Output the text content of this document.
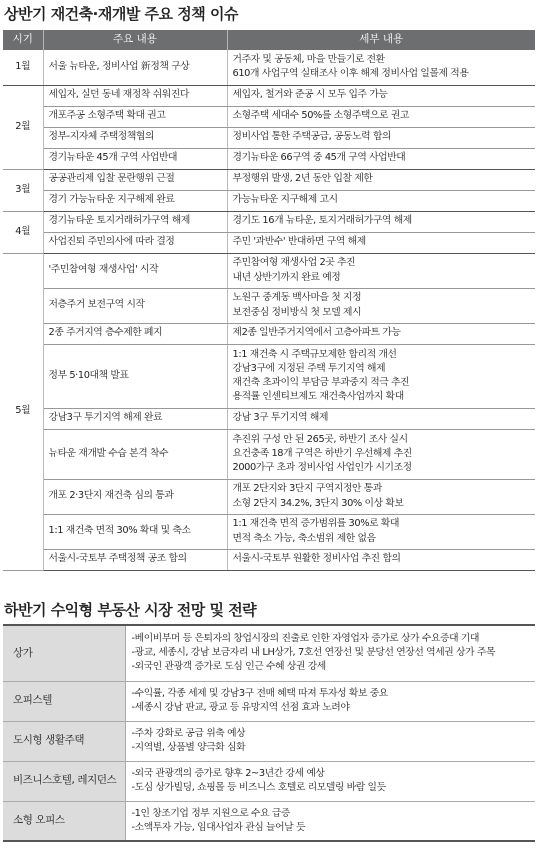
상반기 재건축·재개발 주요 정책 이슈
시기	주요 내용	세부 내용
1월	서울 뉴타운, 정비사업 新정책 구상	거주자 및 공동체, 마을 만들기로 전환
610개 사업구역 실태조사 이후 해제 정비사업 일몰제 적용

2월	세입자, 실던 동네 재정착 쉬워진다	세입자, 철거와 준공 시 모두 입주 가능

	개포주공 소형주택 확대 권고	소형주택 세대수 50%를 소형주택으로 권고

	정부-지자체 주택정책협의	정비사업 통한 주택공급, 공동노력 합의

	경기뉴타운 45개 구역 사업반대	경기뉴타운 66구역 중 45개 구역 사업반대

3월	공공관리제 입찰 문란행위 근절	부정행위 발생, 2년 동안 입찰 제한

	경기 가능뉴타운 지구해제 완료	가능뉴타운 지구해제 고시

4월	경기뉴타운 토지거래허가구역 해제	경기도 16개 뉴타운, 토지거래허가구역 해제

	사업진퇴 주민의사에 따라 결정	주민 '과반수' 반대하면 구역 해제

5월	'주민참여형 재생사업' 시작	주민참여형 재생사업 2곳 추진
내년 상반기까지 완료 예정

	저층주거 보전구역 시작	노원구 중계동 백사마을 첫 지정
보전중심 정비방식 첫 모델 제시

	2종 주거지역 층수제한 폐지	제2종 일반주거지역에서 고층아파트 가능

	정부 5·10대책 발표	1:1 재건축 시 주택규모제한 합리적 개선
강남3구에 지정된 주택 투기지역 해제
재건축 초과이익 부담금 부과중지 적극 추진
용적률 인센티브제도 재건축사업까지 확대

	강남3구 투기지역 해제 완료	강남 3구 투기지역 해제

	뉴타운 재개발 수습 본격 착수	추진위 구성 안 된 265곳, 하반기 조사 실시
요건충족 18개 구역은 하반기 우선해제 추진
2000가구 초과 정비사업 사업인가 시기조정

	개포 2·3단지 재건축 심의 통과	개포 2단지와 3단지 구역지정안 통과
소형 2단지 34.2%, 3단지 30% 이상 확보

	1:1 재건축 면적 30% 확대 및 축소	1:1 재건축 면적 증가범위를 30%로 확대
면적 축소 가능, 축소범위 제한 없음

	서울시-국토부 주택정책 공조 합의	서울시-국토부 원활한 정비사업 추진 합의
하반기 수익형 부동산 시장 전망 및 전략
상가	-베이비부머 등 은퇴자의 창업시장의 진출로 인한 자영업자 증가로 상가 수요증대 기대
-광교, 세종시, 강남 보금자리 내 LH상가, 7호선 연장선 및 분당선 연장선 역세권 상가 주목
-외국인 관광객 증가로 도심 인근 수혜 상권 강세

오피스텔	-수익률, 각종 세제 및 강남3구 전매 혜택 따져 투자성 확보 중요
-세종시 강남 판교, 광교 등 유망지역 선점 효과 노려야

도시형 생활주택	-주차 강화로 공급 위축 예상
-지역별, 상품별 양극화 심화

비즈니스호텔, 레지던스	-외국 관광객의 증가로 향후 2~3년간 강세 예상
-도심 상가빌딩, 쇼핑몰 등 비즈니스 호텔로 리모델링 바람 일듯

소형 오피스	-1인 창조기업 정부 지원으로 수요 급증
-소액투자 가능, 임대사업자 관심 늘어날 듯
